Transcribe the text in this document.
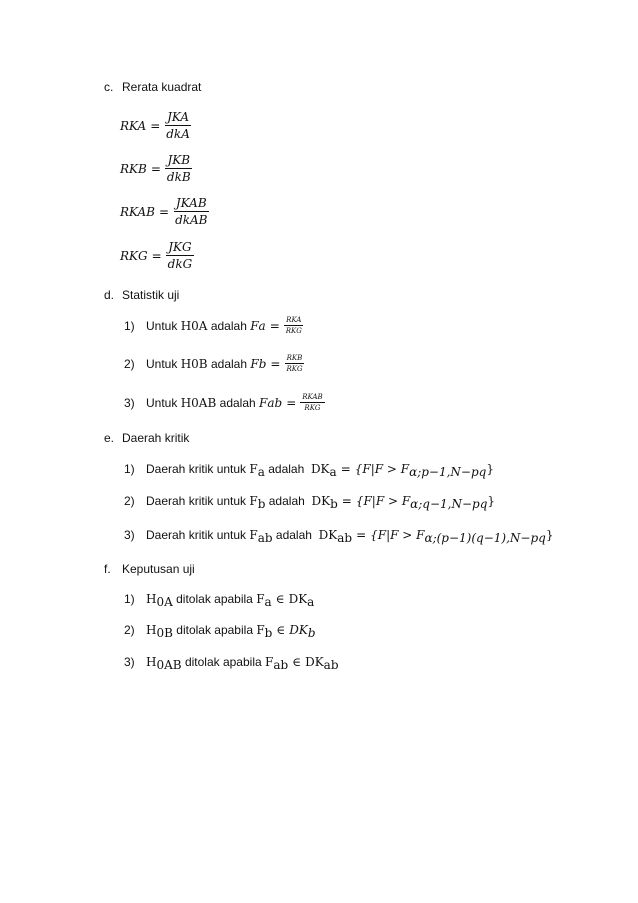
c. Rerata kuadrat
RKA = $\frac{\text{JKA}}{\text{dkA}}$
RKB = $\frac{\text{JKB}}{\text{dkB}}$
RKAB = $\frac{\text{JKAB}}{\text{dkAB}}$
RKG = $\frac{\text{JKG}}{\text{dkG}}$
d. Statistik uji
1) Untuk
H 0A
adalah
F $a = \frac{\text{RKA}}{\text{RKG}}$
2) Untuk
H 0B
adalah
F $b = \frac{\text{RKB}}{\text{RKG}}$
3) Untuk
H 0AB
adalah
F ab = $\frac{\text{RKAB}}{\text{RKG}}$
e. Daerah kritik
1) Daerah kritik untuk $F_a$ adalah $DK_a = \{F|F > F_{\alpha;p-1,N-pq}\}$
2) Daerah kritik untuk $F_b$ adalah $DK_b = \{F|F > F_{\alpha;q-1,N-pq}\}$
3) Daerah kritik untuk $F_{ab}$ adalah $DK_{ab} = \{F|F > F_{\alpha;(p-1)(q-1),N-pq}\}$
f. Keputusan uji
1) $H_{0A}$ ditolak apabila $F_a$ ∈ $DK_a$
2) $H_{0B}$ ditolak apabila $F_b$ ∈ $DK_b$
3) $H_{0AB}$ ditolak apabila $F_{ab}$ ∈ $DK_{ab}$
